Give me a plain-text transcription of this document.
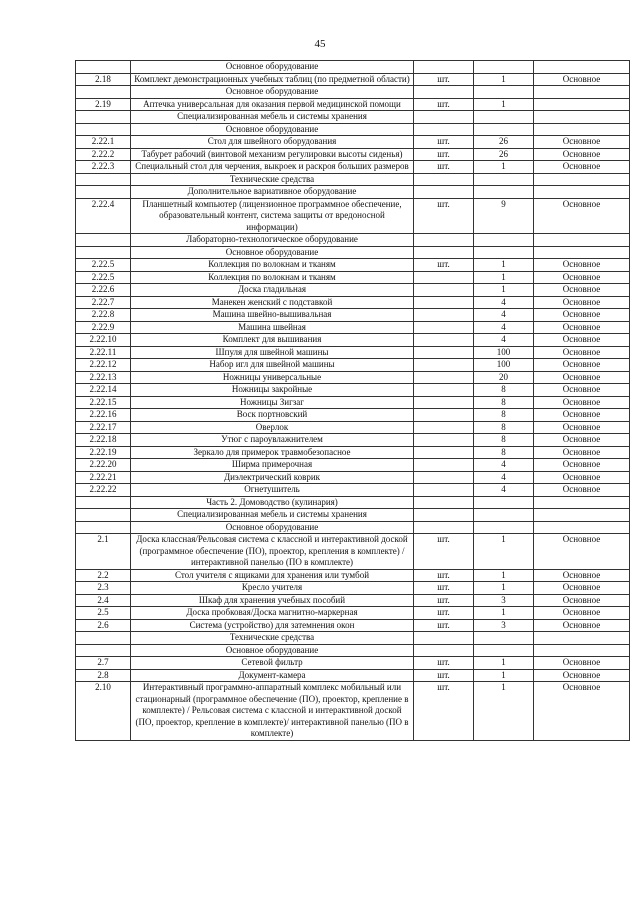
45
	Основное оборудование			
2.18	Комплект демонстрационных учебных таблиц (по предметной области)	шт.	1	Основное
	Основное оборудование			
2.19	Аптечка универсальная для оказания первой медицинской помощи	шт.	1	
	Специализированная мебель и системы хранения			
	Основное оборудование			
2.22.1	Стол для швейного оборудования	шт.	26	Основное
2.22.2	Табурет рабочий (винтовой механизм регулировки высоты сиденья)	шт.	26	Основное
2.22.3	Специальный стол для черчения, выкроек и раскроя больших размеров	шт.	1	Основное
	Технические средства			
	Дополнительное вариативное оборудование			
2.22.4	Планшетный компьютер (лицензионное программное обеспечение, образовательный контент, система защиты от вредоносной информации)	шт.	9	Основное
	Лабораторно-технологическое оборудование			
	Основное оборудование			
2.22.5	Коллекция по волокнам и тканям	шт.	1	Основное
2.22.5	Коллекция по волокнам и тканям		1	Основное
2.22.6	Доска гладильная		1	Основное
2.22.7	Манекен женский с подставкой		4	Основное
2.22.8	Машина швейно-вышивальная		4	Основное
2.22.9	Машина швейная		4	Основное
2.22.10	Комплект для вышивания		4	Основное
2.22.11	Шпуля для швейной машины		100	Основное
2.22.12	Набор игл для швейной машины		100	Основное
2.22.13	Ножницы универсальные		20	Основное
2.22.14	Ножницы закройные		8	Основное
2.22.15	Ножницы Зигзаг		8	Основное
2.22.16	Воск портновский		8	Основное
2.22.17	Оверлок		8	Основное
2.22.18	Утюг с пароувлажнителем		8	Основное
2.22.19	Зеркало для примерок травмобезопасное		8	Основное
2.22.20	Ширма примерочная		4	Основное
2.22.21	Диэлектрический коврик		4	Основное
2.22.22	Огнетушитель		4	Основное
	Часть 2. Домоводство (кулинария)			
	Специализированная мебель и системы хранения			
	Основное оборудование			
2.1	Доска классная/Рельсовая система с классной и интерактивной доской (программное обеспечение (ПО), проектор, крепления в комплекте) / интерактивной панелью (ПО в комплекте)	шт.	1	Основное
2.2	Стол учителя с ящиками для хранения или тумбой	шт.	1	Основное
2.3	Кресло учителя	шт.	1	Основное
2.4	Шкаф для хранения учебных пособий	шт.	3	Основное
2.5	Доска пробковая/Доска магнитно-маркерная	шт.	1	Основное
2.6	Система (устройство) для затемнения окон	шт.	3	Основное
	Технические средства			
	Основное оборудование			
2.7	Сетевой фильтр	шт.	1	Основное
2.8	Документ-камера	шт.	1	Основное
2.10	Интерактивный программно-аппаратный комплекс мобильный или стационарный (программное обеспечение (ПО), проектор, крепление в комплекте) / Рельсовая система с классной и интерактивной доской (ПО, проектор, крепление в комплекте)/ интерактивной панелью (ПО в комплекте)	шт.	1	Основное
